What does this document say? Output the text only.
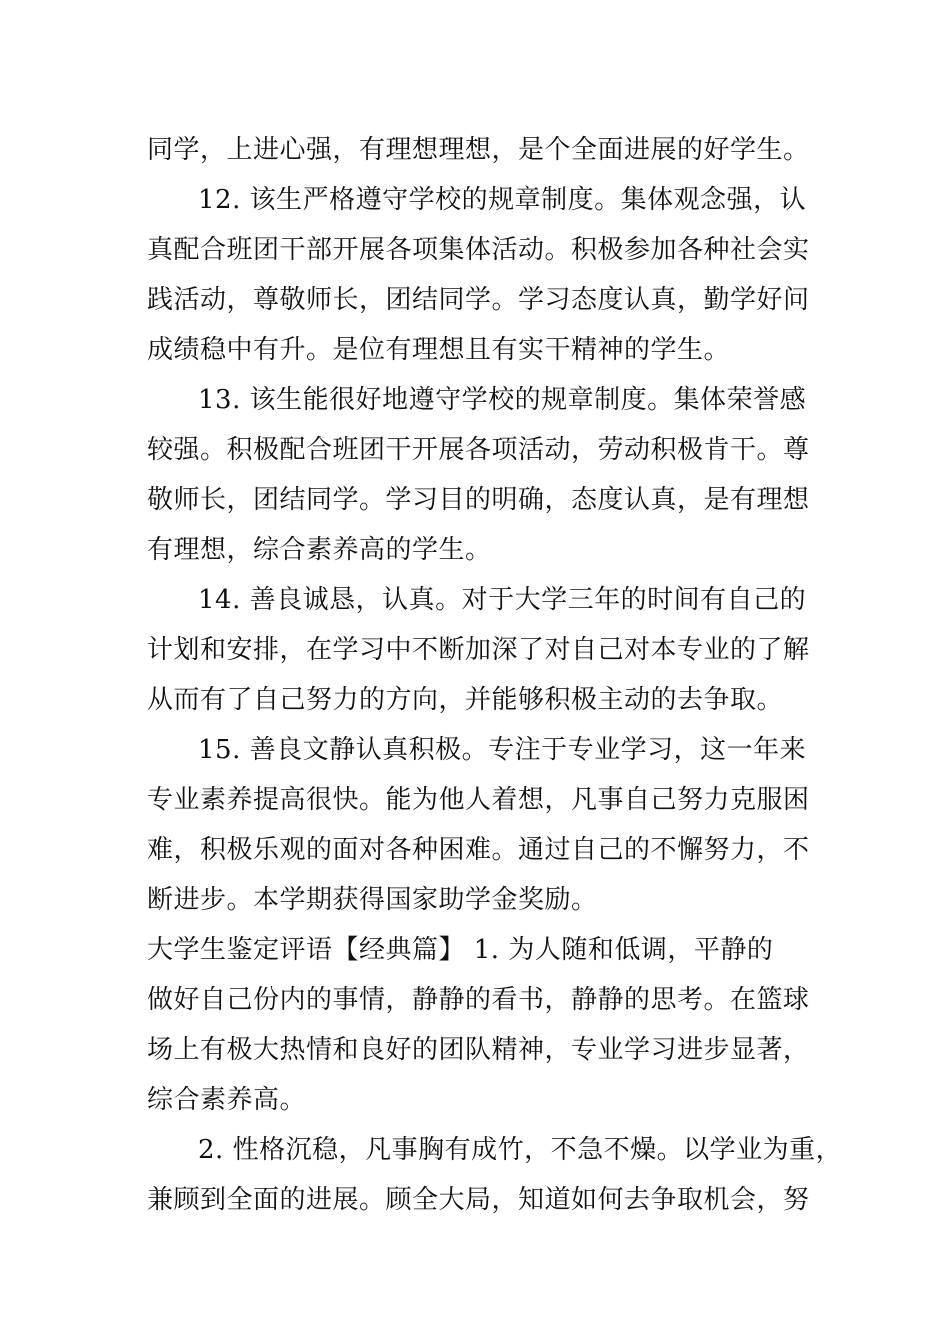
同学，上进心强，有理想理想，是个全面进展的好学生。
12. 该生严格遵守学校的规章制度。集体观念强，认
真配合班团干部开展各项集体活动。积极参加各种社会实
践活动，尊敬师长，团结同学。学习态度认真，勤学好问
成绩稳中有升。是位有理想且有实干精神的学生。
13. 该生能很好地遵守学校的规章制度。集体荣誉感
较强。积极配合班团干开展各项活动，劳动积极肯干。尊
敬师长，团结同学。学习目的明确，态度认真，是有理想
有理想，综合素养高的学生。
14. 善良诚恳，认真。对于大学三年的时间有自己的
计划和安排，在学习中不断加深了对自己对本专业的了解
从而有了自己努力的方向，并能够积极主动的去争取。
15. 善良文静认真积极。专注于专业学习，这一年来
专业素养提高很快。能为他人着想，凡事自己努力克服困
难，积极乐观的面对各种困难。通过自己的不懈努力，不
断进步。本学期获得国家助学金奖励。
大学生鉴定评语【经典篇】 1. 为人随和低调，平静的
做好自己份内的事情，静静的看书，静静的思考。在篮球
场上有极大热情和良好的团队精神，专业学习进步显著，
综合素养高。
2. 性格沉稳，凡事胸有成竹，不急不燥。以学业为重，
兼顾到全面的进展。顾全大局，知道如何去争取机会，努
